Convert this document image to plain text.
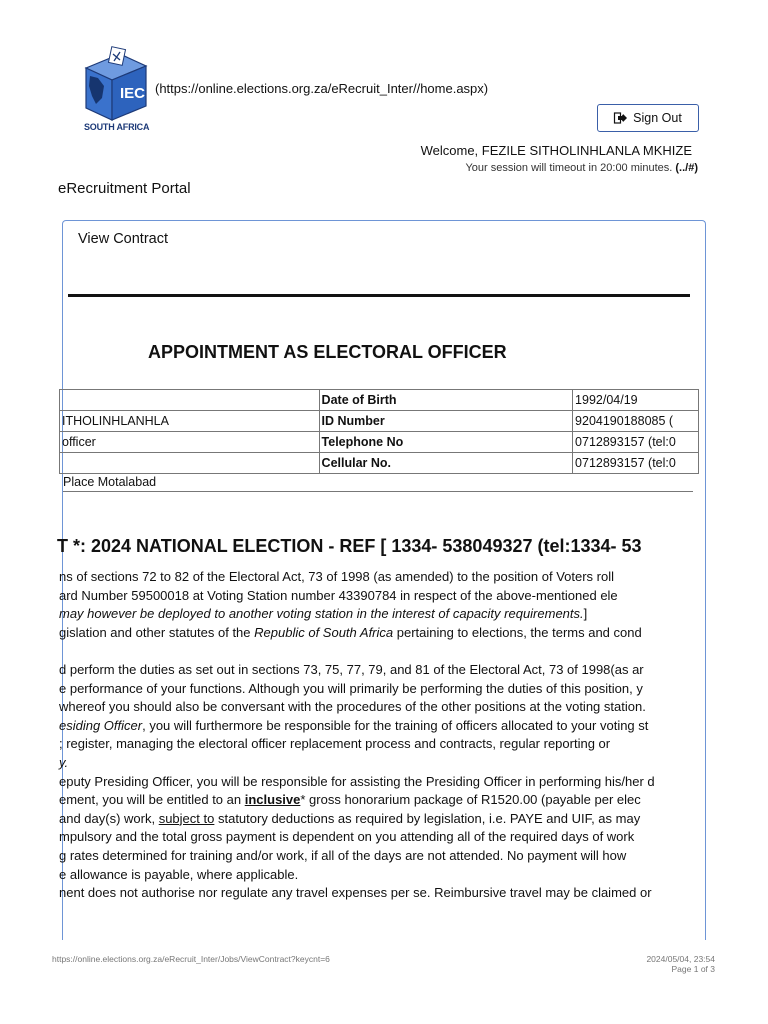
IEC
SOUTH AFRICA
(https://online.elections.org.za/eRecruit_Inter//home.aspx)
Sign Out
Welcome, FEZILE SITHOLINHLANLA MKHIZE
Your session will timeout in 20:00 minutes. (../#)
eRecruitment Portal
View Contract
APPOINTMENT AS ELECTORAL OFFICER
	Date of Birth	1992/04/19
ITHOLINHLANHLA	ID Number	9204190188085 (
officer	Telephone No	0712893157 (tel:0
	Cellular No.	0712893157 (tel:0
Place Motalabad
T *: 2024 NATIONAL ELECTION - REF [ 1334- 538049327 (tel:1334- 53
ns of sections 72 to 82 of the Electoral Act, 73 of 1998 (as amended) to the position of Voters roll
ard Number 59500018 at Voting Station number 43390784 in respect of the above-mentioned ele
may however be deployed to another voting station in the interest of capacity requirements.]
gislation and other statutes of the Republic of South Africa pertaining to elections, the terms and cond

d perform the duties as set out in sections 73, 75, 77, 79, and 81 of the Electoral Act, 73 of 1998(as ar
e performance of your functions. Although you will primarily be performing the duties of this position, y
whereof you should also be conversant with the procedures of the other positions at the voting station.
esiding Officer, you will furthermore be responsible for the training of officers allocated to your voting st
; register, managing the electoral officer replacement process and contracts, regular reporting or
y.
eputy Presiding Officer, you will be responsible for assisting the Presiding Officer in performing his/her d
ement, you will be entitled to an inclusive* gross honorarium package of R1520.00 (payable per elec
and day(s) work, subject to statutory deductions as required by legislation, i.e. PAYE and UIF, as may
mpulsory and the total gross payment is dependent on you attending all of the required days of work
g rates determined for training and/or work, if all of the days are not attended. No payment will how
e allowance is payable, where applicable.
nent does not authorise nor regulate any travel expenses per se. Reimbursive travel may be claimed or
https://online.elections.org.za/eRecruit_Inter/Jobs/ViewContract?keycnt=6	2024/05/04, 23:54
Page 1 of 3
